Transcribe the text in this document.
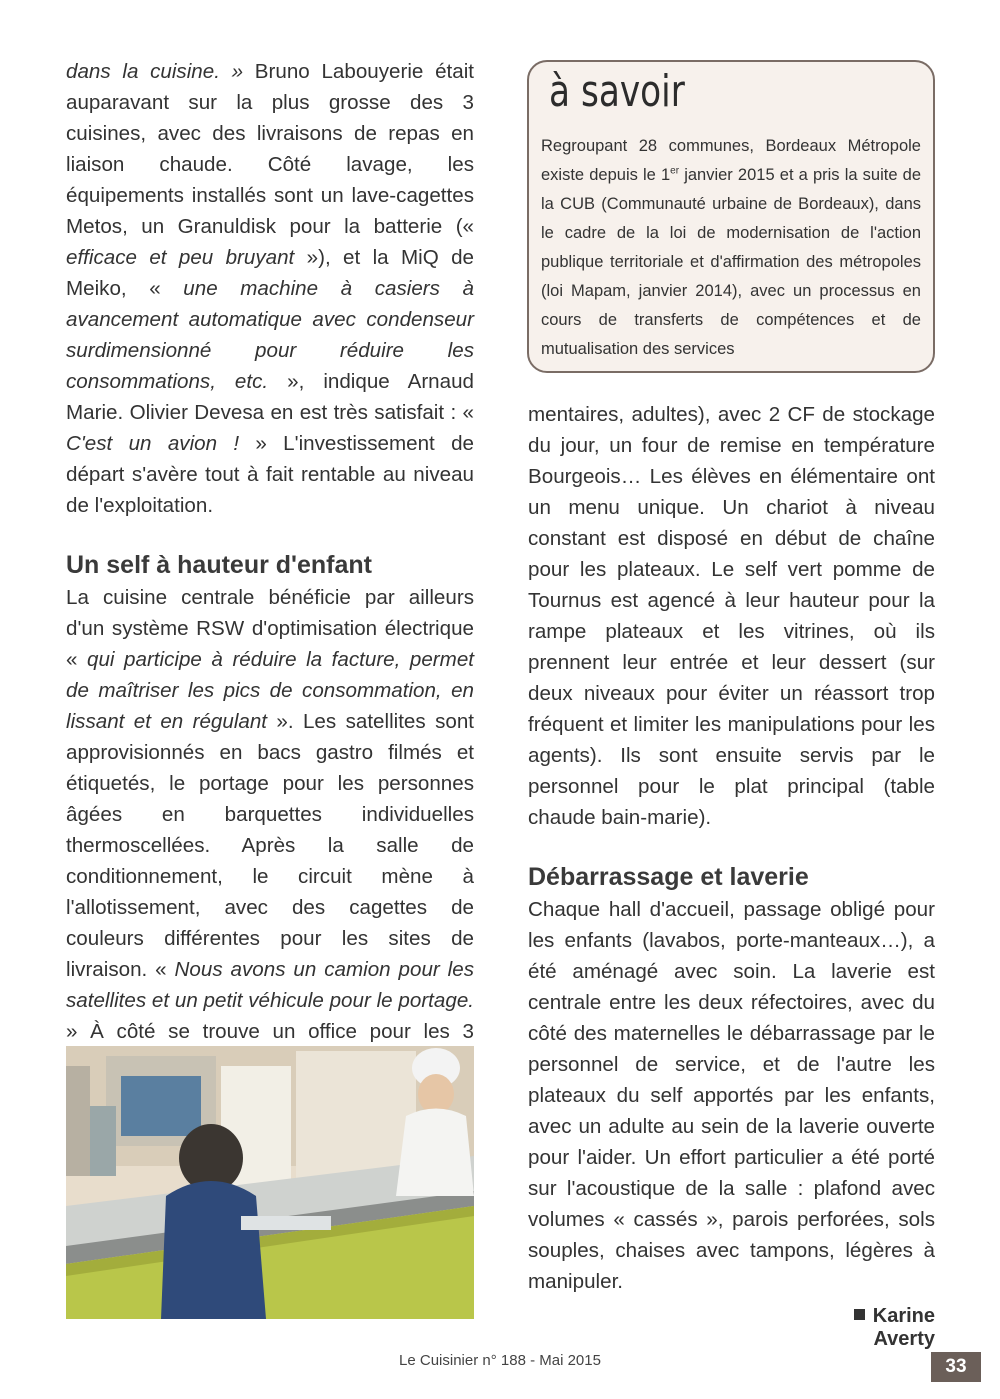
dans la cuisine. » Bruno Labouyerie était auparavant sur la plus grosse des 3 cuisines, avec des livraisons de repas en liaison chaude. Côté lavage, les équipements installés sont un lave-cagettes Metos, un Granuldisk pour la batterie (« efficace et peu bruyant »), et la MiQ de Meiko, « une machine à casiers à avancement automatique avec condenseur surdimensionné pour réduire les consommations, etc. », indique Arnaud Marie. Olivier Devesa en est très satisfait : « C'est un avion ! » L'investissement de départ s'avère tout à fait rentable au niveau de l'exploitation.

Un self à hauteur d'enfant

La cuisine centrale bénéficie par ailleurs d'un système RSW d'optimisation électrique « qui participe à réduire la facture, permet de maîtriser les pics de consommation, en lissant et en régulant ». Les satellites sont approvisionnés en bacs gastro filmés et étiquetés, le portage pour les personnes âgées en barquettes individuelles thermoscellées. Après la salle de conditionnement, le circuit mène à l'allotissement, avec des cagettes de couleurs différentes pour les sites de livraison. « Nous avons un camion pour les satellites et un petit véhicule pour le portage. » À côté se trouve un office pour les 3

à savoir
Regroupant 28 communes, Bordeaux Métropole existe depuis le 1er janvier 2015 et a pris la suite de la CUB (Communauté urbaine de Bordeaux), dans le cadre de la loi de modernisation de l'action publique territoriale et d'affirmation des métropoles (loi Mapam, janvier 2014), avec un processus en cours de transferts de compétences et de mutualisation des services

mentaires, adultes), avec 2 CF de stockage du jour, un four de remise en température Bourgeois… Les élèves en élémentaire ont un menu unique. Un chariot à niveau constant est disposé en début de chaîne pour les plateaux. Le self vert pomme de Tournus est agencé à leur hauteur pour la rampe plateaux et les vitrines, où ils prennent leur entrée et leur dessert (sur deux niveaux pour éviter un réassort trop fréquent et limiter les manipulations pour les agents). Ils sont ensuite servis par le personnel pour le plat principal (table chaude bain-marie).

Débarrassage et laverie

Chaque hall d'accueil, passage obligé pour les enfants (lavabos, porte-manteaux…), a été aménagé avec soin. La laverie est centrale entre les deux réfectoires, avec du côté des maternelles le débarrassage par le personnel de service, et de l'autre les plateaux du self apportés par les enfants, avec un adulte au sein de la laverie ouverte pour l'aider. Un effort particulier a été porté sur l'acoustique de la salle : plafond avec volumes « cassés », parois perforées, sols souples, chaises avec tampons, légères à manipuler.

Karine Averty
Le Cuisinier n° 188 - Mai 2015	33
